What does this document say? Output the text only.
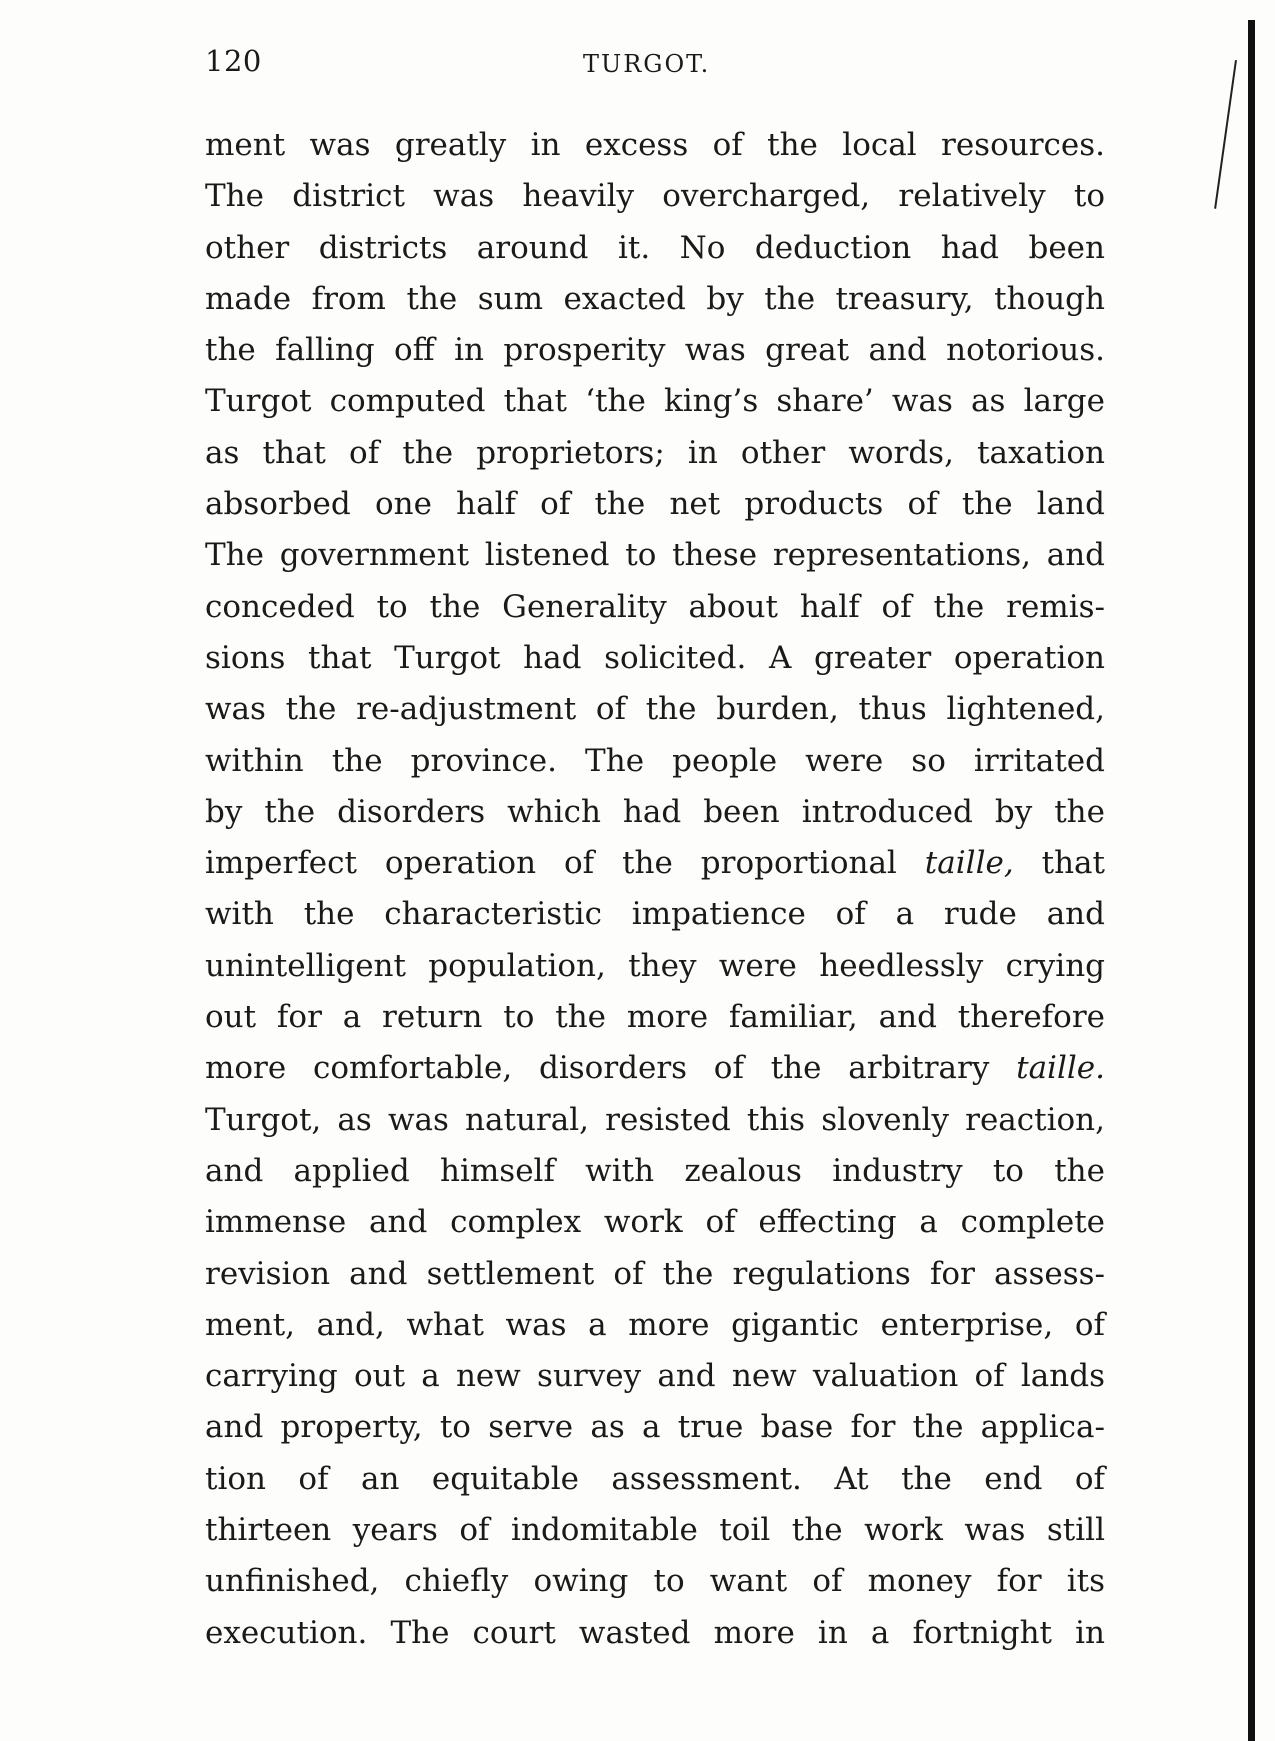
120	TURGOT.
ment was greatly in excess of the local resources.
The district was heavily overcharged, relatively to
other districts around it. No deduction had been
made from the sum exacted by the treasury, though
the falling off in prosperity was great and notorious.
Turgot computed that ‘the king’s share’ was as large
as that of the proprietors; in other words, taxation
absorbed one half of the net products of the land
The government listened to these representations, and
conceded to the Generality about half of the remis-
sions that Turgot had solicited. A greater operation
was the re-adjustment of the burden, thus lightened,
within the province. The people were so irritated
by the disorders which had been introduced by the
imperfect operation of the proportional taille, that
with the characteristic impatience of a rude and
unintelligent population, they were heedlessly crying
out for a return to the more familiar, and therefore
more comfortable, disorders of the arbitrary taille.
Turgot, as was natural, resisted this slovenly reaction,
and applied himself with zealous industry to the
immense and complex work of effecting a complete
revision and settlement of the regulations for assess-
ment, and, what was a more gigantic enterprise, of
carrying out a new survey and new valuation of lands
and property, to serve as a true base for the applica-
tion of an equitable assessment. At the end of
thirteen years of indomitable toil the work was still
unfinished, chiefly owing to want of money for its
execution. The court wasted more in a fortnight in
